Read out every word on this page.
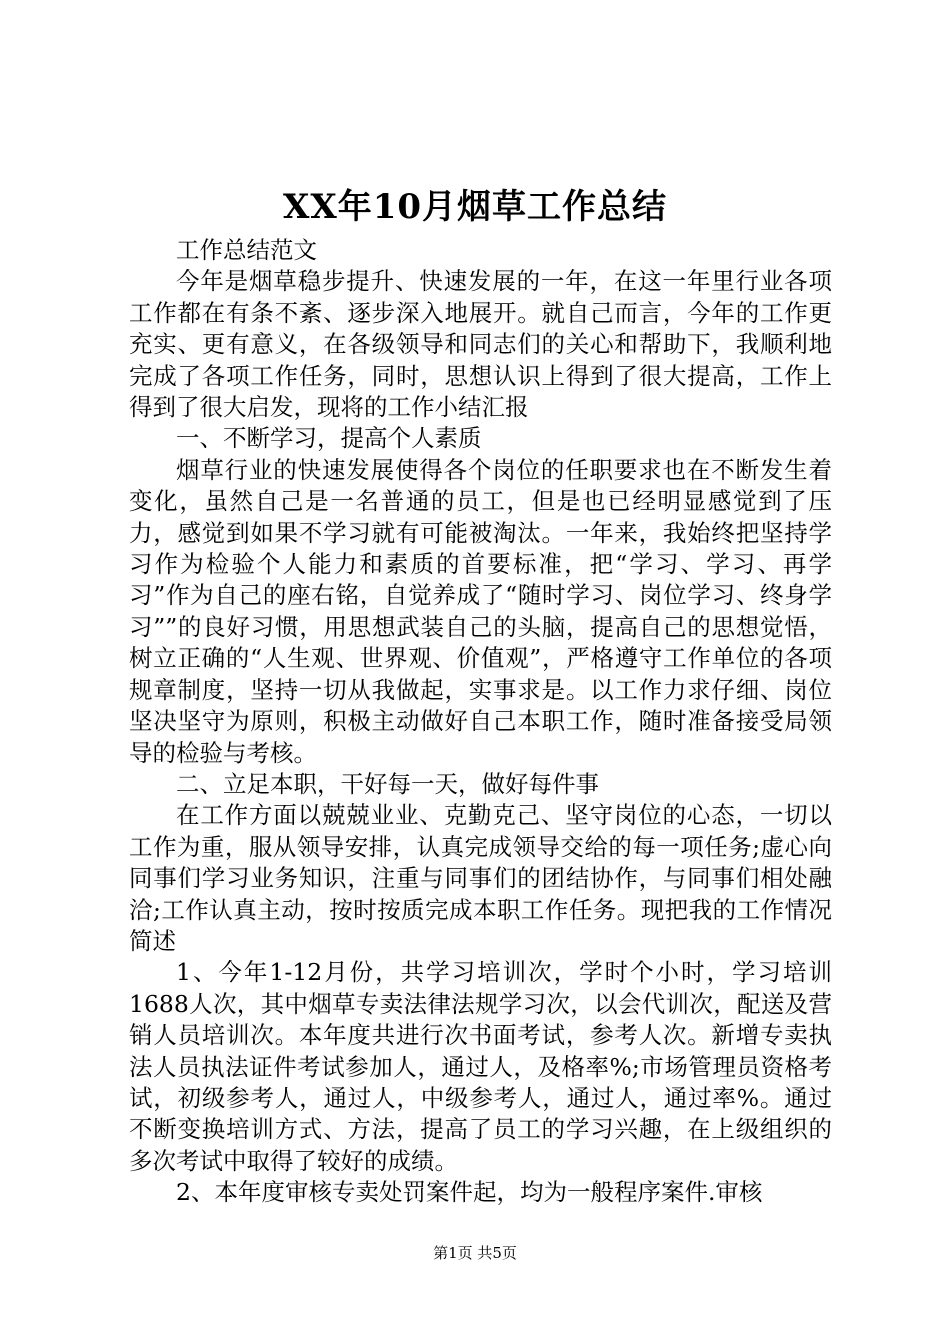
XX年10月烟草工作总结

工作总结范文

今年是烟草稳步提升、快速发展的一年，在这一年里行业各项工作都在有条不紊、逐步深入地展开。就自己而言，今年的工作更充实、更有意义，在各级领导和同志们的关心和帮助下，我顺利地完成了各项工作任务，同时，思想认识上得到了很大提高，工作上得到了很大启发，现将的工作小结汇报

一、不断学习，提高个人素质

烟草行业的快速发展使得各个岗位的任职要求也在不断发生着变化，虽然自己是一名普通的员工，但是也已经明显感觉到了压力，感觉到如果不学习就有可能被淘汰。一年来，我始终把坚持学习作为检验个人能力和素质的首要标准，把“学习、学习、再学习”作为自己的座右铭，自觉养成了“随时学习、岗位学习、终身学习””的良好习惯，用思想武装自己的头脑，提高自己的思想觉悟，树立正确的“人生观、世界观、价值观”，严格遵守工作单位的各项规章制度，坚持一切从我做起，实事求是。以工作力求仔细、岗位坚决坚守为原则，积极主动做好自己本职工作，随时准备接受局领导的检验与考核。

二、立足本职，干好每一天，做好每件事

在工作方面以兢兢业业、克勤克己、坚守岗位的心态，一切以工作为重，服从领导安排，认真完成领导交给的每一项任务;虚心向同事们学习业务知识，注重与同事们的团结协作，与同事们相处融洽;工作认真主动，按时按质完成本职工作任务。现把我的工作情况简述

1、今年1-12月份，共学习培训次，学时个小时，学习培训1688人次，其中烟草专卖法律法规学习次，以会代训次，配送及营销人员培训次。本年度共进行次书面考试，参考人次。新增专卖执法人员执法证件考试参加人，通过人，及格率%;市场管理员资格考试，初级参考人，通过人，中级参考人，通过人，通过率%。通过不断变换培训方式、方法，提高了员工的学习兴趣，在上级组织的多次考试中取得了较好的成绩。

2、本年度审核专卖处罚案件起，均为一般程序案件.审核

第1页 共5页
